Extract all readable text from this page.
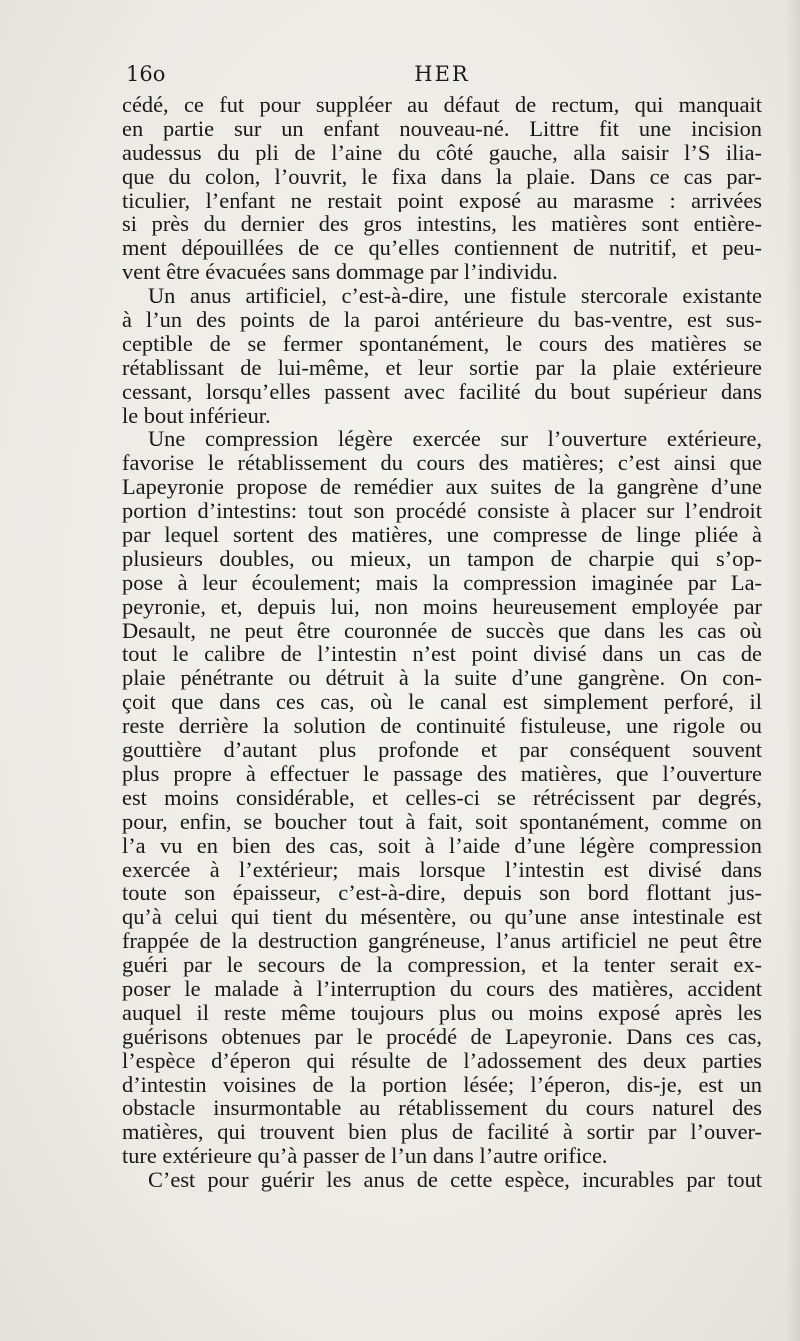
16o	HER
cédé, ce fut pour suppléer au défaut de rectum, qui manquait
en partie sur un enfant nouveau-né. Littre fit une incision
audessus du pli de l’aine du côté gauche, alla saisir l’S ilia-
que du colon, l’ouvrit, le fixa dans la plaie. Dans ce cas par-
ticulier, l’enfant ne restait point exposé au marasme : arrivées
si près du dernier des gros intestins, les matières sont entière-
ment dépouillées de ce qu’elles contiennent de nutritif, et peu-
vent être évacuées sans dommage par l’individu.
Un anus artificiel, c’est-à-dire, une fistule stercorale existante
à l’un des points de la paroi antérieure du bas-ventre, est sus-
ceptible de se fermer spontanément, le cours des matières se
rétablissant de lui-même, et leur sortie par la plaie extérieure
cessant, lorsqu’elles passent avec facilité du bout supérieur dans
le bout inférieur.
Une compression légère exercée sur l’ouverture extérieure,
favorise le rétablissement du cours des matières; c’est ainsi que
Lapeyronie propose de remédier aux suites de la gangrène d’une
portion d’intestins: tout son procédé consiste à placer sur l’endroit
par lequel sortent des matières, une compresse de linge pliée à
plusieurs doubles, ou mieux, un tampon de charpie qui s’op-
pose à leur écoulement; mais la compression imaginée par La-
peyronie, et, depuis lui, non moins heureusement employée par
Desault, ne peut être couronnée de succès que dans les cas où
tout le calibre de l’intestin n’est point divisé dans un cas de
plaie pénétrante ou détruit à la suite d’une gangrène. On con-
çoit que dans ces cas, où le canal est simplement perforé, il
reste derrière la solution de continuité fistuleuse, une rigole ou
gouttière d’autant plus profonde et par conséquent souvent
plus propre à effectuer le passage des matières, que l’ouverture
est moins considérable, et celles-ci se rétrécissent par degrés,
pour, enfin, se boucher tout à fait, soit spontanément, comme on
l’a vu en bien des cas, soit à l’aide d’une légère compression
exercée à l’extérieur; mais lorsque l’intestin est divisé dans
toute son épaisseur, c’est-à-dire, depuis son bord flottant jus-
qu’à celui qui tient du mésentère, ou qu’une anse intestinale est
frappée de la destruction gangréneuse, l’anus artificiel ne peut être
guéri par le secours de la compression, et la tenter serait ex-
poser le malade à l’interruption du cours des matières, accident
auquel il reste même toujours plus ou moins exposé après les
guérisons obtenues par le procédé de Lapeyronie. Dans ces cas,
l’espèce d’éperon qui résulte de l’adossement des deux parties
d’intestin voisines de la portion lésée; l’éperon, dis-je, est un
obstacle insurmontable au rétablissement du cours naturel des
matières, qui trouvent bien plus de facilité à sortir par l’ouver-
ture extérieure qu’à passer de l’un dans l’autre orifice.
C’est pour guérir les anus de cette espèce, incurables par tout
